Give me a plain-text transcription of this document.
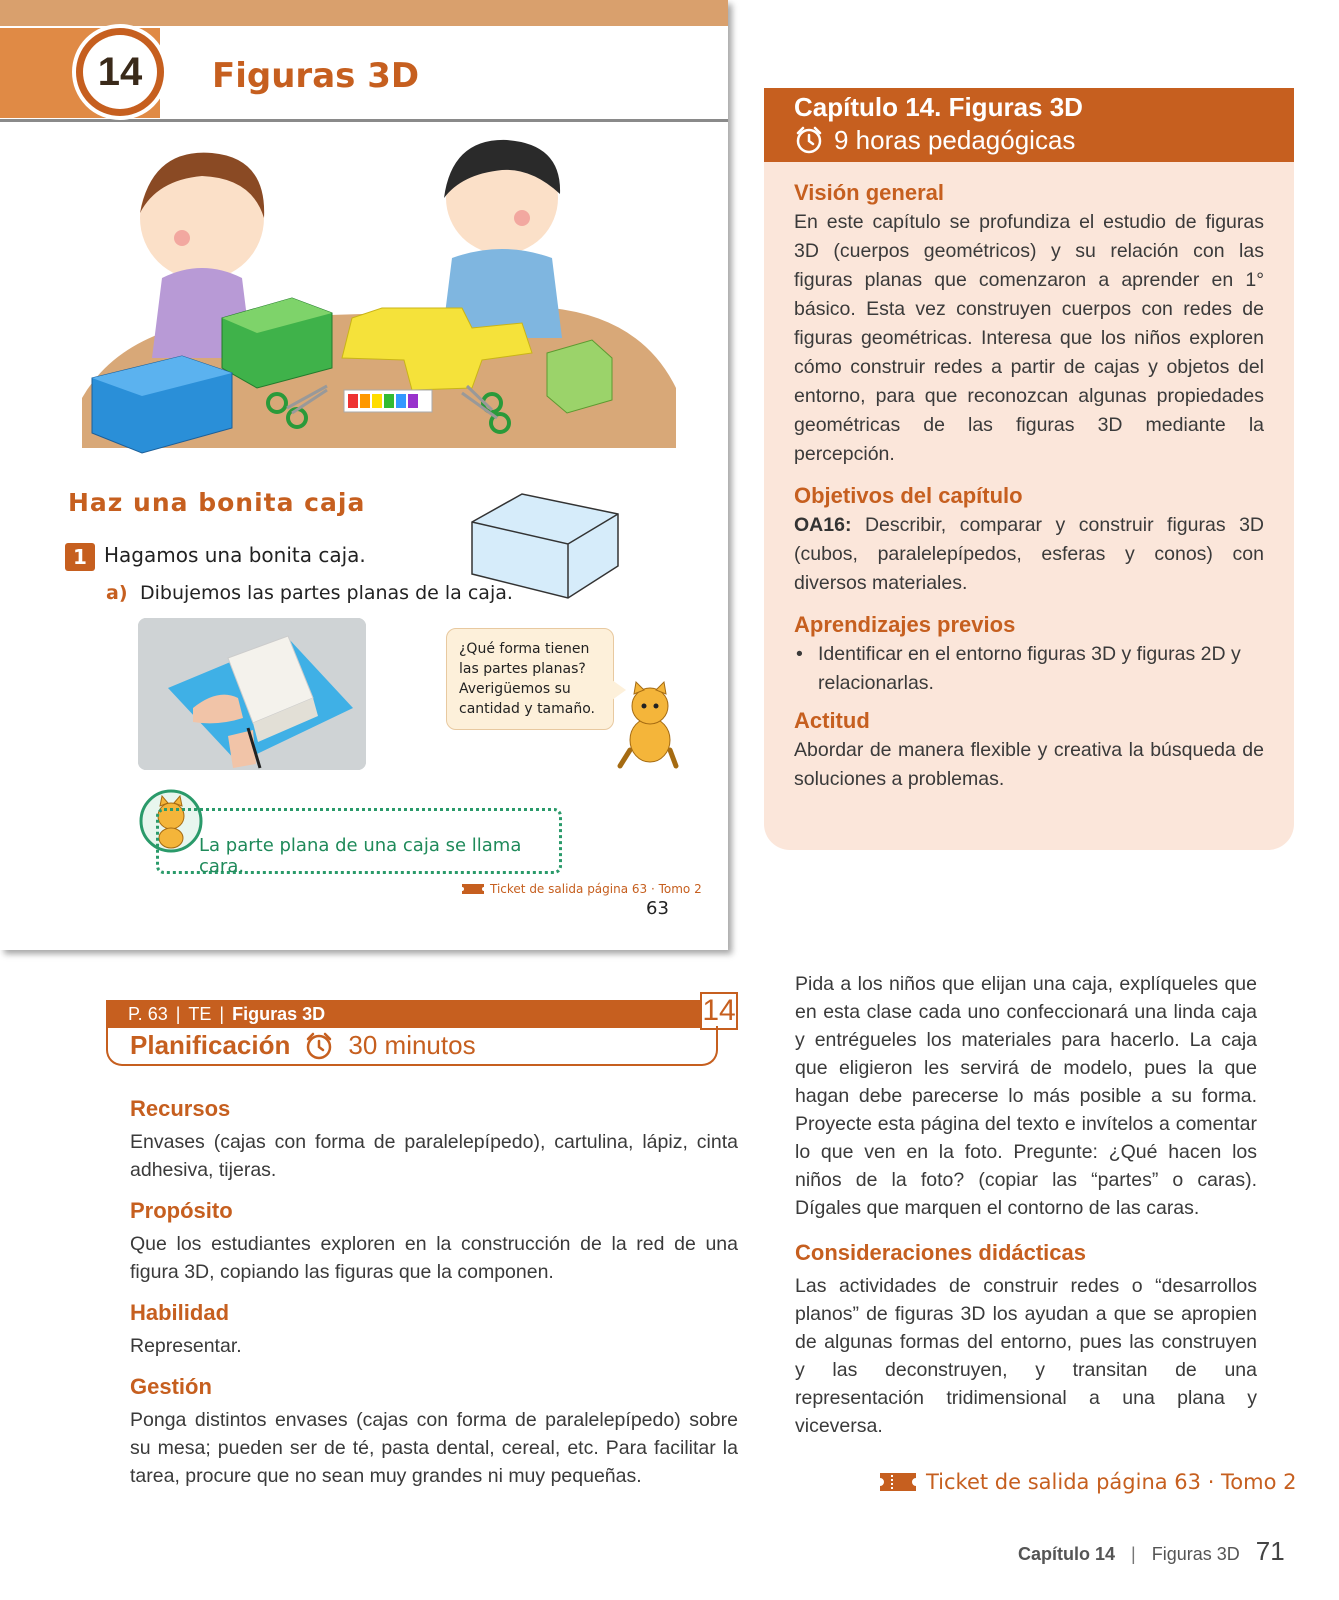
14	Figuras 3D
Haz una bonita caja
1 Hagamos una bonita caja.
a) Dibujemos las partes planas de la caja.
¿Qué forma tienen las partes planas? Averigüemos su cantidad y tamaño.
La parte plana de una caja se llama cara.
Ticket de salida página 63 · Tomo 2
63
Capítulo 14. Figuras 3D
9 horas pedagógicas
Visión general
En este capítulo se profundiza el estudio de figuras 3D (cuerpos geométricos) y su relación con las figuras planas que comenzaron a aprender en 1° básico. Esta vez construyen cuerpos con redes de figuras geométricas. Interesa que los niños exploren cómo construir redes a partir de cajas y objetos del entorno, para que reconozcan algunas propiedades geométricas de las figuras 3D mediante la percepción.
Objetivos del capítulo
OA16: Describir, comparar y construir figuras 3D (cubos, paralelepípedos, esferas y conos) con diversos materiales.
Aprendizajes previos
• Identificar en el entorno figuras 3D y figuras 2D y relacionarlas.
Actitud
Abordar de manera flexible y creativa la búsqueda de soluciones a problemas.
P. 63 | TE | Figuras 3D	14
Planificación 30 minutos
Recursos
Envases (cajas con forma de paralelepípedo), cartulina, lápiz, cinta adhesiva, tijeras.
Propósito
Que los estudiantes exploren en la construcción de la red de una figura 3D, copiando las figuras que la componen.
Habilidad
Representar.
Gestión
Ponga distintos envases (cajas con forma de paralelepípedo) sobre su mesa; pueden ser de té, pasta dental, cereal, etc. Para facilitar la tarea, procure que no sean muy grandes ni muy pequeñas.
Pida a los niños que elijan una caja, explíqueles que en esta clase cada uno confeccionará una linda caja y entrégueles los materiales para hacerlo. La caja que eligieron les servirá de modelo, pues la que hagan debe parecerse lo más posible a su forma. Proyecte esta página del texto e invítelos a comentar lo que ven en la foto. Pregunte: ¿Qué hacen los niños de la foto? (copiar las “partes” o caras). Dígales que marquen el contorno de las caras.
Consideraciones didácticas
Las actividades de construir redes o “desarrollos planos” de figuras 3D los ayudan a que se apropien de algunas formas del entorno, pues las construyen y las deconstruyen, y transitan de una representación tridimensional a una plana y viceversa.
Ticket de salida página 63 · Tomo 2
Capítulo 14 | Figuras 3D 71
